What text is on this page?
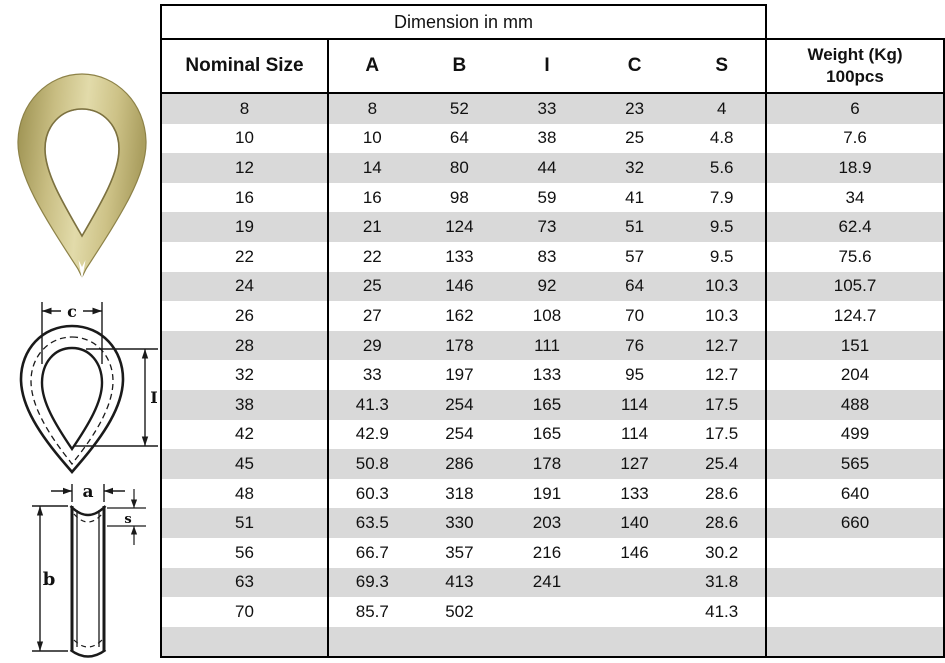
c
I
a
s
b
Dimension in mm						
Nominal Size	A	B	I	C	S	Weight (Kg)
100pcs

8	8	52	33	23	4	6
10	10	64	38	25	4.8	7.6
12	14	80	44	32	5.6	18.9
16	16	98	59	41	7.9	34
19	21	124	73	51	9.5	62.4
22	22	133	83	57	9.5	75.6
24	25	146	92	64	10.3	105.7
26	27	162	108	70	10.3	124.7
28	29	178	111	76	12.7	151
32	33	197	133	95	12.7	204
38	41.3	254	165	114	17.5	488
42	42.9	254	165	114	17.5	499
45	50.8	286	178	127	25.4	565
48	60.3	318	191	133	28.6	640
51	63.5	330	203	140	28.6	660
56	66.7	357	216	146	30.2	
63	69.3	413	241		31.8	
70	85.7	502			41.3	
